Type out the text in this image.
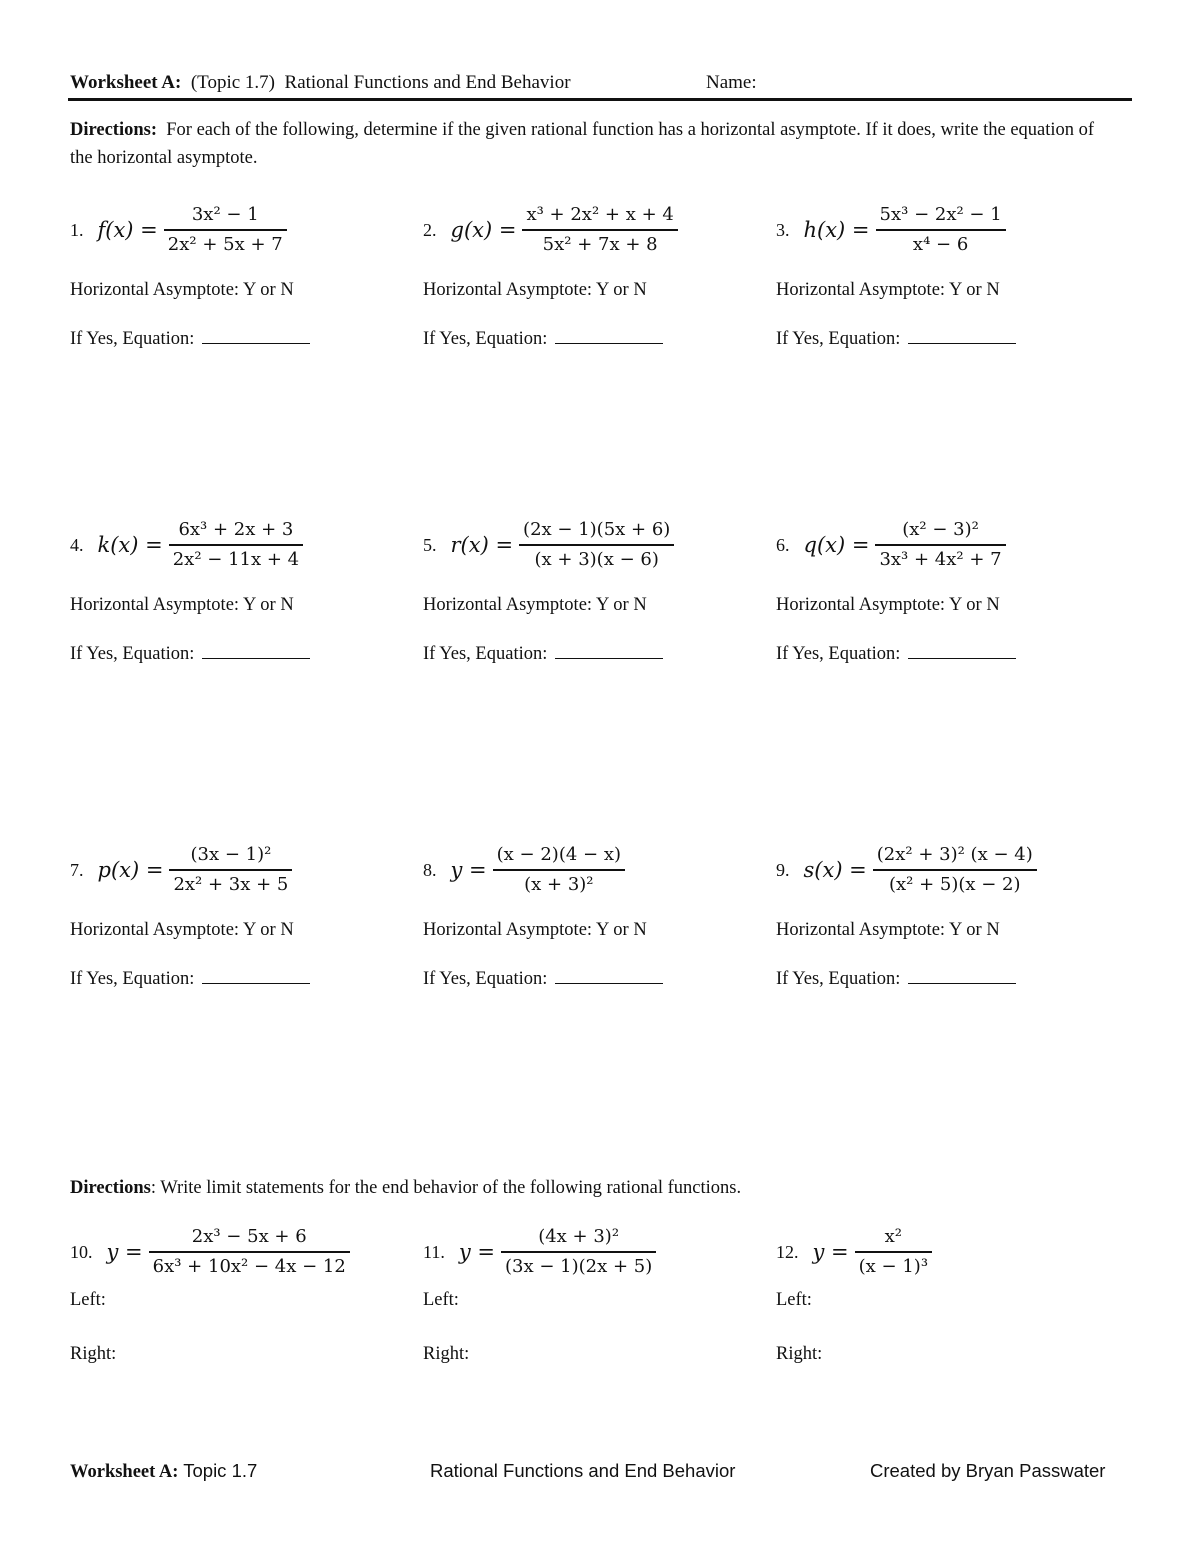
Worksheet A: (Topic 1.7) Rational Functions and End Behavior	Name:
Directions: For each of the following, determine if the given rational function has a horizontal asymptote. If it does, write the equation of the horizontal asymptote.
1. $f(x) = \frac{\text{3x² − 1}}{\text{2x² + 5x + 7}}$
Horizontal Asymptote: Y or N
If Yes, Equation:
2. $g(x) = \frac{\text{x³ + 2x² + x + 4}}{\text{5x² + 7x + 8}}$
Horizontal Asymptote: Y or N
If Yes, Equation:
3. $h(x) = \frac{\text{5x³ − 2x² − 1}}{\text{x⁴ − 6}}$
Horizontal Asymptote: Y or N
If Yes, Equation:
4. $k(x) = \frac{\text{6x³ + 2x + 3}}{\text{2x² − 11x + 4}}$
Horizontal Asymptote: Y or N
If Yes, Equation:
5. $r(x) = \frac{(2x - 1)(5x + 6)}{(x + 3)(x - 6)}$
Horizontal Asymptote: Y or N
If Yes, Equation:
6. $q(x) = \frac{\text{(x² − 3)²}}{\text{3x³ + 4x² + 7}}$
Horizontal Asymptote: Y or N
If Yes, Equation:
7. $p(x) = \frac{\text{(3x − 1)²}}{\text{2x² + 3x + 5}}$
Horizontal Asymptote: Y or N
If Yes, Equation:
8. $y = \frac{(x - 2)(4 - x)}{\text{(x + 3)²}}$
Horizontal Asymptote: Y or N
If Yes, Equation:
9. $s(x) = \frac{\text{(2x² + 3)² (x − 4)}}{\text{(x² + 5)(x − 2)}}$
Horizontal Asymptote: Y or N
If Yes, Equation:
Directions: Write limit statements for the end behavior of the following rational functions.
10. $y = \frac{\text{2x³ − 5x + 6}}{\text{6x³ + 10x² − 4x − 12}}$
Left:
Right:
11. $y = \frac{\text{(4x + 3)²}}{(3x - 1)(2x + 5)}$
Left:
Right:
12. $y = \frac{\text{x²}}{\text{(x − 1)³}}$
Left:
Right:
Worksheet A: Topic 1.7	Rational Functions and End Behavior	Created by Bryan Passwater
